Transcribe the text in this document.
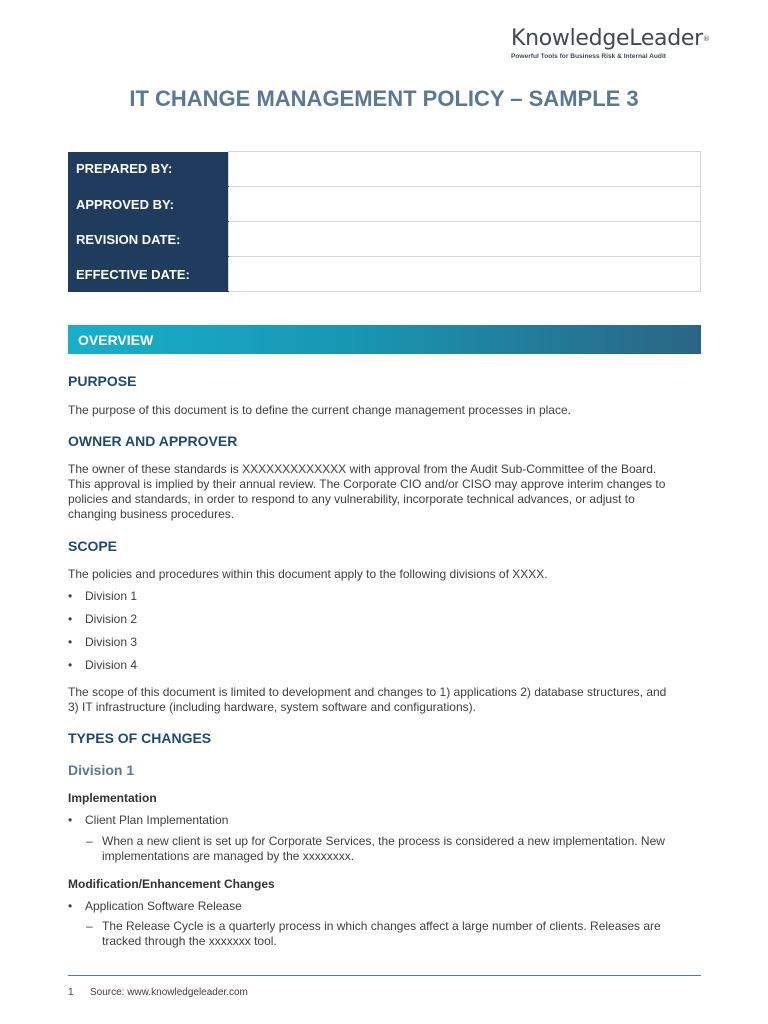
KnowledgeLeader®
Powerful Tools for Business Risk & Internal Audit
IT CHANGE MANAGEMENT POLICY – SAMPLE 3
PREPARED BY:	
APPROVED BY:	
REVISION DATE:	
EFFECTIVE DATE:	
OVERVIEW
PURPOSE
The purpose of this document is to define the current change management processes in place.
OWNER AND APPROVER
The owner of these standards is XXXXXXXXXXXXX with approval from the Audit Sub-Committee of the Board.
This approval is implied by their annual review. The Corporate CIO and/or CISO may approve interim changes to
policies and standards, in order to respond to any vulnerability, incorporate technical advances, or adjust to
changing business procedures.
SCOPE
The policies and procedures within this document apply to the following divisions of XXXX.
• Division 1
• Division 2
• Division 3
• Division 4
The scope of this document is limited to development and changes to 1) applications 2) database structures, and
3) IT infrastructure (including hardware, system software and configurations).
TYPES OF CHANGES
Division 1
Implementation
• Client Plan Implementation
– When a new client is set up for Corporate Services, the process is considered a new implementation. New
implementations are managed by the xxxxxxxx.
Modification/Enhancement Changes
• Application Software Release
– The Release Cycle is a quarterly process in which changes affect a large number of clients. Releases are
tracked through the xxxxxxx tool.
1 Source: www.knowledgeleader.com
